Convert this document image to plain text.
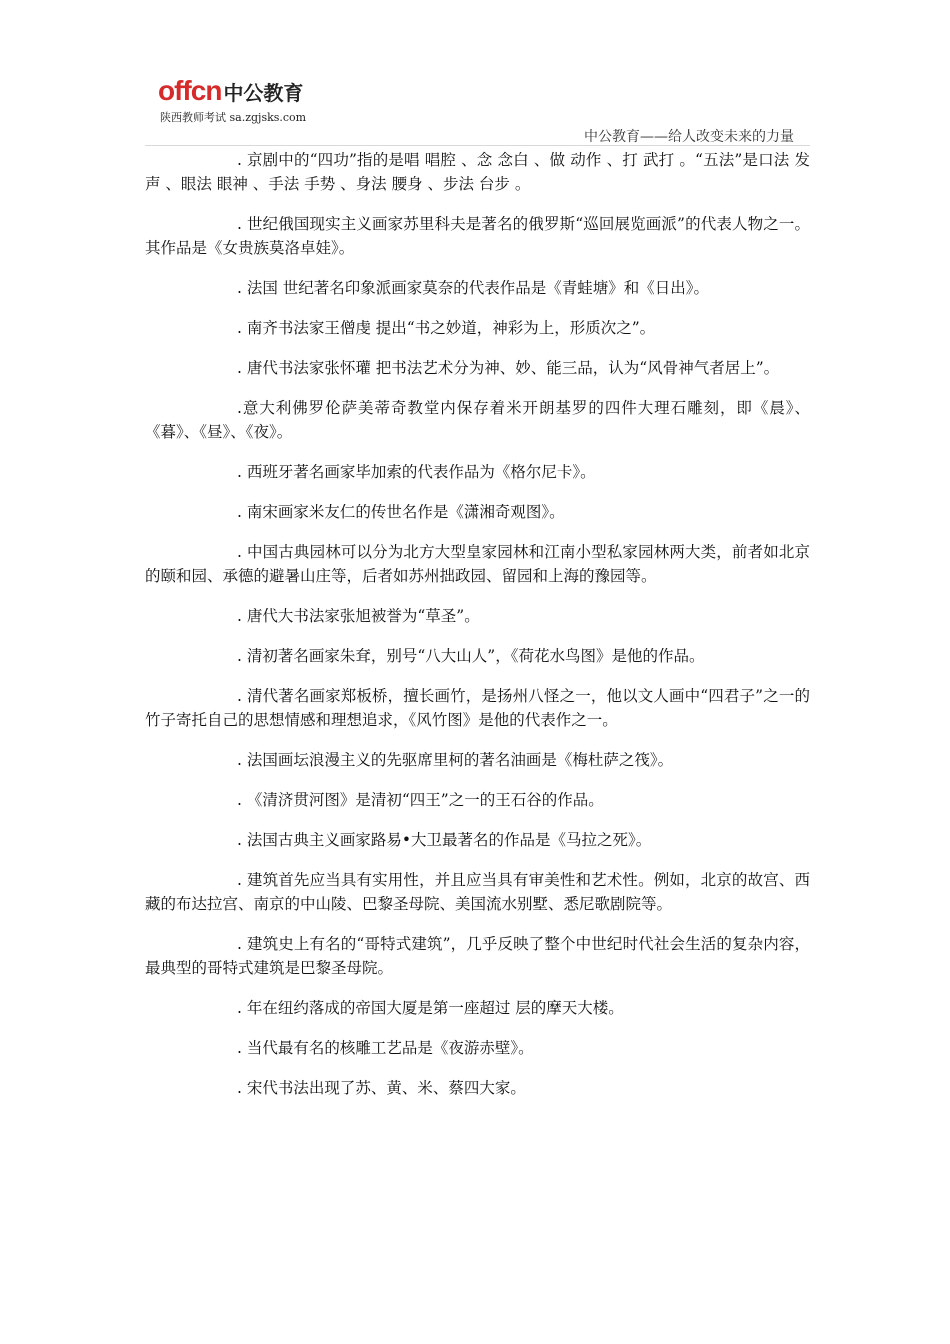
offcn 中公教育
陕西教师考试 sa.zgjsks.com
中公教育——给人改变未来的力量

. 京剧中的“四功”指的是唱 唱腔 、念 念白 、做 动作 、打 武打 。“五法”是口法 发声 、眼法 眼神 、手法 手势 、身法 腰身 、步法 台步 。

. 世纪俄国现实主义画家苏里科夫是著名的俄罗斯“巡回展览画派”的代表人物之一。其作品是《女贵族莫洛卓娃》。

. 法国 世纪著名印象派画家莫奈的代表作品是《青蛙塘》和《日出》。

. 南齐书法家王僧虔 提出“书之妙道，神彩为上，形质次之”。

. 唐代书法家张怀瓘 把书法艺术分为神、妙、能三品，认为“风骨神气者居上”。

.意大利佛罗伦萨美蒂奇教堂内保存着米开朗基罗的四件大理石雕刻，即《晨》、《暮》、《昼》、《夜》。

. 西班牙著名画家毕加索的代表作品为《格尔尼卡》。

. 南宋画家米友仁的传世名作是《潇湘奇观图》。

. 中国古典园林可以分为北方大型皇家园林和江南小型私家园林两大类，前者如北京的颐和园、承德的避暑山庄等，后者如苏州拙政园、留园和上海的豫园等。

. 唐代大书法家张旭被誉为“草圣”。

. 清初著名画家朱耷，别号“八大山人”，《荷花水鸟图》是他的作品。

. 清代著名画家郑板桥，擅长画竹，是扬州八怪之一，他以文人画中“四君子”之一的竹子寄托自己的思想情感和理想追求，《风竹图》是他的代表作之一。

. 法国画坛浪漫主义的先驱席里柯的著名油画是《梅杜萨之筏》。

. 《清济贯河图》是清初“四王”之一的王石谷的作品。

. 法国古典主义画家路易•大卫最著名的作品是《马拉之死》。

. 建筑首先应当具有实用性，并且应当具有审美性和艺术性。例如，北京的故宫、西藏的布达拉宫、南京的中山陵、巴黎圣母院、美国流水别墅、悉尼歌剧院等。

. 建筑史上有名的“哥特式建筑”，几乎反映了整个中世纪时代社会生活的复杂内容，最典型的哥特式建筑是巴黎圣母院。

. 年在纽约落成的帝国大厦是第一座超过 层的摩天大楼。

. 当代最有名的核雕工艺品是《夜游赤壁》。

. 宋代书法出现了苏、黄、米、蔡四大家。
